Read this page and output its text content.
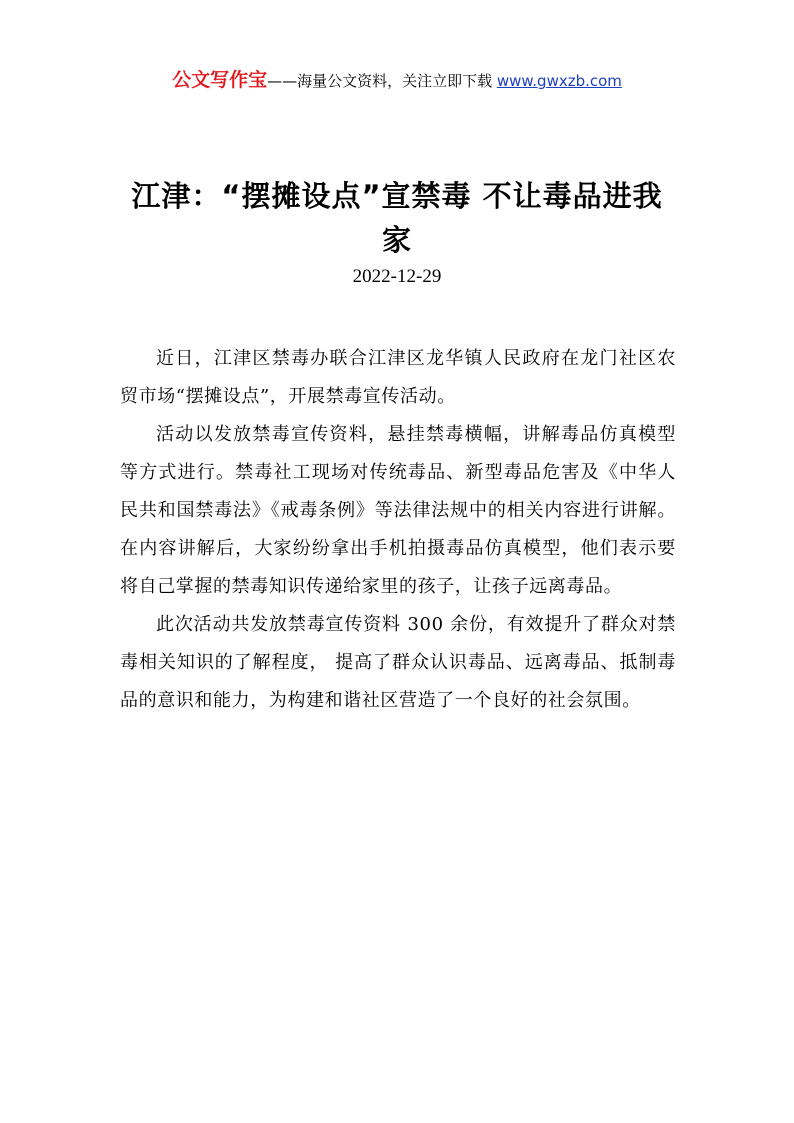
公文写作宝——海量公文资料，关注立即下载 www.gwxzb.com
江津：“摆摊设点”宣禁毒 不让毒品进我家
2022-12-29

近日，江津区禁毒办联合江津区龙华镇人民政府在龙门社区农贸市场“摆摊设点”，开展禁毒宣传活动。

活动以发放禁毒宣传资料，悬挂禁毒横幅，讲解毒品仿真模型等方式进行。禁毒社工现场对传统毒品、新型毒品危害及《中华人民共和国禁毒法》《戒毒条例》等法律法规中的相关内容进行讲解。在内容讲解后，大家纷纷拿出手机拍摄毒品仿真模型，他们表示要将自己掌握的禁毒知识传递给家里的孩子，让孩子远离毒品。

此次活动共发放禁毒宣传资料 300 余份，有效提升了群众对禁毒相关知识的了解程度， 提高了群众认识毒品、远离毒品、抵制毒品的意识和能力，为构建和谐社区营造了一个良好的社会氛围。
